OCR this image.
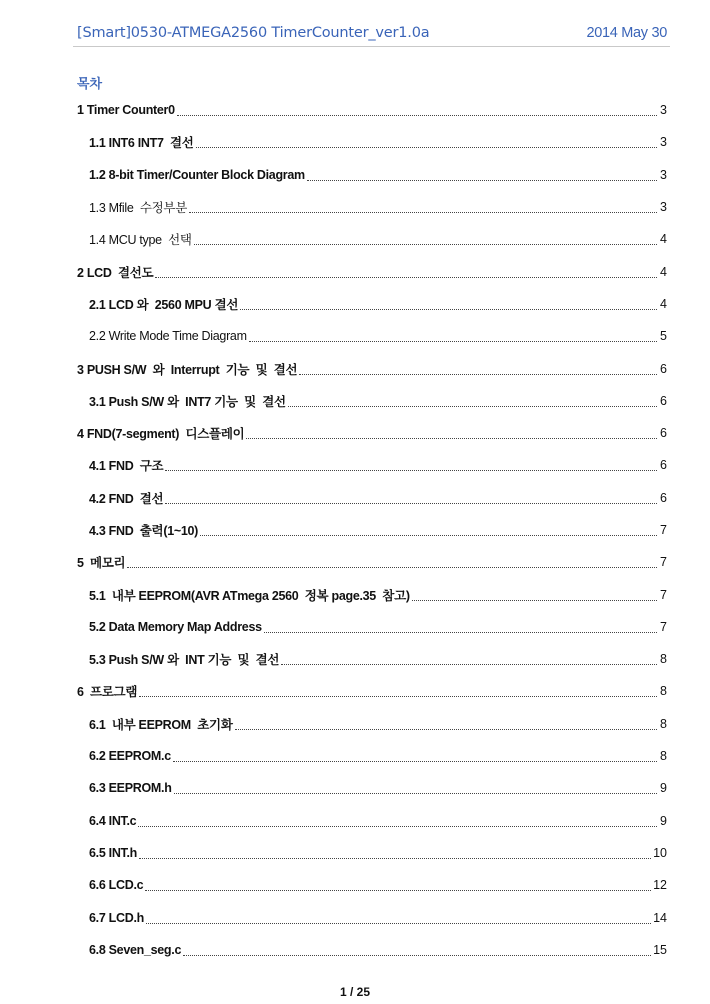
[Smart]0530-ATMEGA2560 TimerCounter_ver1.0a	2014 May 30
목차
1 Timer Counter0	3
1.1 INT6 INT7  결선	3
1.2 8-bit Timer/Counter Block Diagram	3
1.3 Mfile  수정부분	3
1.4 MCU type  선택	4
2 LCD  결선도	4
2.1 LCD 와  2560 MPU 결선	4
2.2 Write Mode Time Diagram	5
3 PUSH S/W  와  Interrupt  기능  및  결선	6
3.1 Push S/W 와  INT7 기능  및  결선	6
4 FND(7-segment)  디스플레이	6
4.1 FND  구조	6
4.2 FND  결선	6
4.3 FND  출력(1~10)	7
5  메모리	7
5.1  내부 EEPROM(AVR ATmega 2560  정복 page.35  참고)	7
5.2 Data Memory Map Address	7
5.3 Push S/W 와  INT 기능  및  결선	8
6  프로그램	8
6.1  내부 EEPROM  초기화	8
6.2 EEPROM.c	8
6.3 EEPROM.h	9
6.4 INT.c	9
6.5 INT.h	10
6.6 LCD.c	12
6.7 LCD.h	14
6.8 Seven_seg.c	15
1 / 25
